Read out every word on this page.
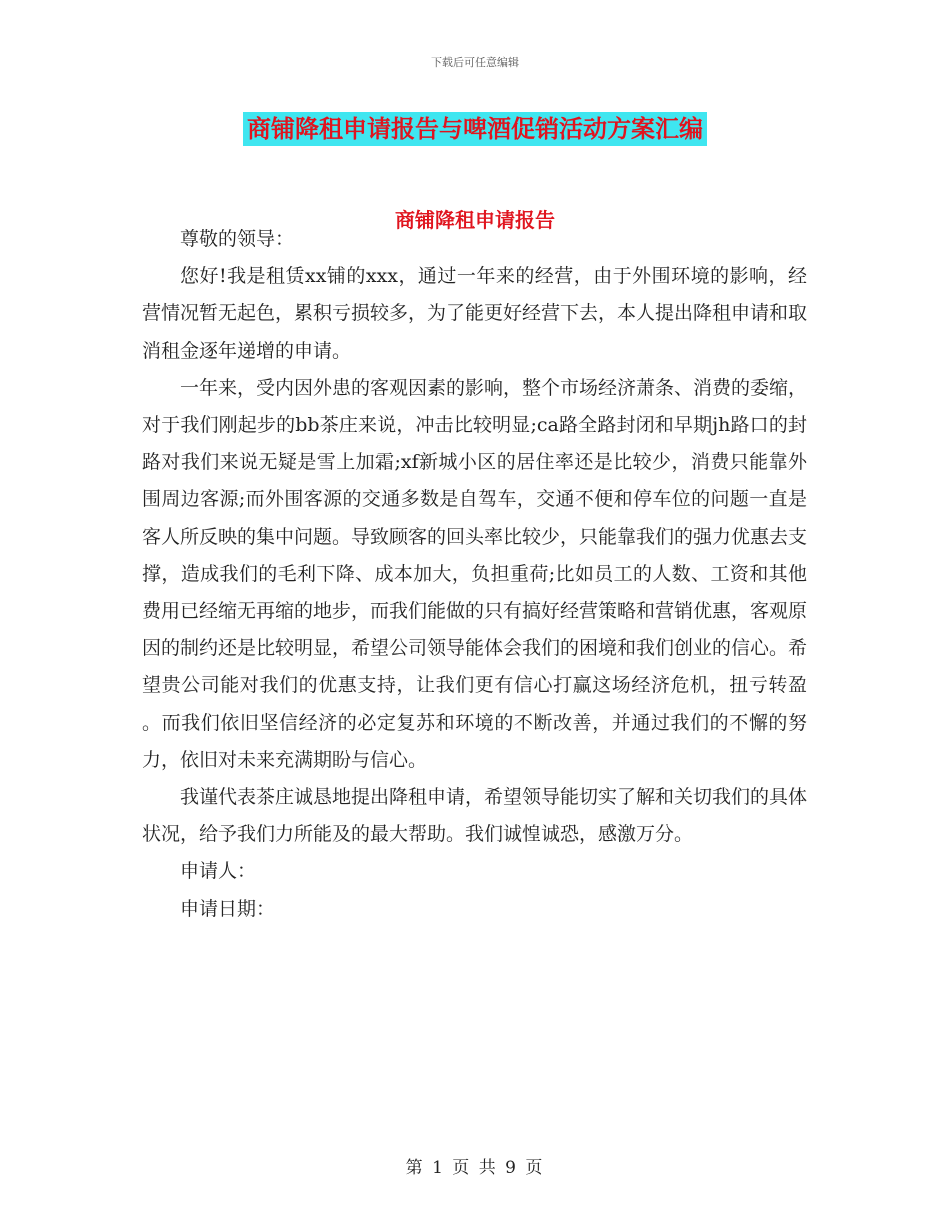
下载后可任意编辑
商铺降租申请报告与啤酒促销活动方案汇编
商铺降租申请报告

尊敬的领导：

您好!我是租赁xx铺的xxx，通过一年来的经营，由于外围环境的影响，经营情况暂无起色，累积亏损较多，为了能更好经营下去，本人提出降租申请和取消租金逐年递增的申请。

一年来，受内因外患的客观因素的影响，整个市场经济萧条、消费的委缩，对于我们刚起步的bb茶庄来说，冲击比较明显;ca路全路封闭和早期jh路口的封路对我们来说无疑是雪上加霜;xf新城小区的居住率还是比较少，消费只能靠外围周边客源;而外围客源的交通多数是自驾车，交通不便和停车位的问题一直是客人所反映的集中问题。导致顾客的回头率比较少，只能靠我们的强力优惠去支撑，造成我们的毛利下降、成本加大，负担重荷;比如员工的人数、工资和其他费用已经缩无再缩的地步，而我们能做的只有搞好经营策略和营销优惠，客观原因的制约还是比较明显，希望公司领导能体会我们的困境和我们创业的信心。希望贵公司能对我们的优惠支持，让我们更有信心打赢这场经济危机，扭亏转盈 。而我们依旧坚信经济的必定复苏和环境的不断改善，并通过我们的不懈的努力，依旧对未来充满期盼与信心。

我谨代表茶庄诚恳地提出降租申请，希望领导能切实了解和关切我们的具体状况，给予我们力所能及的最大帮助。我们诚惶诚恐，感激万分。

申请人：

申请日期：

第 1 页 共 9 页
